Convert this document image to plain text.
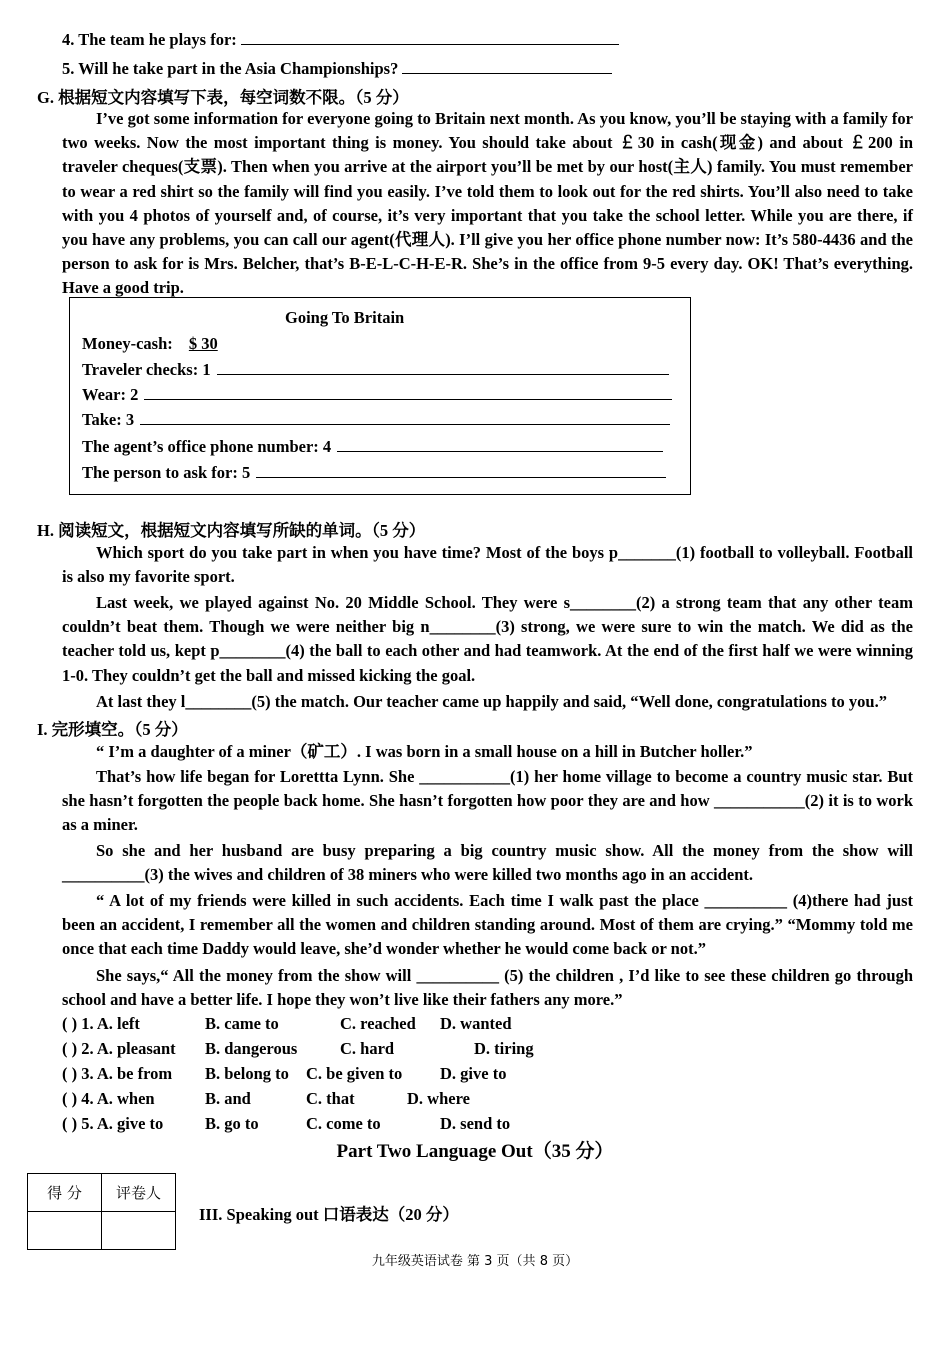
4. The team he plays for:
5. Will he take part in the Asia Championships?
G. 根据短文内容填写下表，每空词数不限。（5 分）
I’ve got some information for everyone going to Britain next month. As you know, you’ll be staying with a family for two weeks. Now the most important thing is money. You should take about ￡30 in cash(现金) and about ￡200 in traveler cheques(支票). Then when you arrive at the airport you’ll be met by our host(主人) family. You must remember to wear a red shirt so the family will find you easily. I’ve told them to look out for the red shirts. You’ll also need to take with you 4 photos of yourself and, of course, it’s very important that you take the school letter. While you are there, if you have any problems, you can call our agent(代理人). I’ll give you her office phone number now: It’s 580-4436 and the person to ask for is Mrs. Belcher, that’s B-E-L-C-H-E-R. She’s in the office from 9-5 every day. OK! That’s everything. Have a good trip.
Going To Britain
Money-cash: $ 30
Traveler checks: 1
Wear: 2
Take: 3
The agent’s office phone number: 4
The person to ask for: 5
H. 阅读短文，根据短文内容填写所缺的单词。（5 分）
Which sport do you take part in when you have time? Most of the boys p_______(1) football to volleyball. Football is also my favorite sport.
Last week, we played against No. 20 Middle School. They were s________(2) a strong team that any other team couldn’t beat them. Though we were neither big n________(3) strong, we were sure to win the match. We did as the teacher told us, kept p________(4) the ball to each other and had teamwork. At the end of the first half we were winning 1-0. They couldn’t get the ball and missed kicking the goal.
At last they l________(5) the match. Our teacher came up happily and said, “Well done, congratulations to you.”
I. 完形填空。（5 分）
“ I’m a daughter of a miner（矿工）. I was born in a small house on a hill in Butcher holler.”
That’s how life began for Lorettta Lynn. She ___________(1) her home village to become a country music star. But she hasn’t forgotten the people back home. She hasn’t forgotten how poor they are and how ___________(2) it is to work as a miner.
So she and her husband are busy preparing a big country music show. All the money from the show will __________(3) the wives and children of 38 miners who were killed two months ago in an accident.
“ A lot of my friends were killed in such accidents. Each time I walk past the place __________ (4)there had just been an accident, I remember all the women and children standing around. Most of them are crying.” “Mommy told me once that each time Daddy would leave, she’d wonder whether he would come back or not.”
She says,“ All the money from the show will __________ (5) the children , I’d like to see these children go through school and have a better life. I hope they won’t live like their fathers any more.”
( ) 1. A. left	B. came to	C. reached D. wanted
( ) 2. A. pleasant B. dangerous	C. hard	D. tiring
( ) 3. A. be from B. belong to C. be given to D. give to
( ) 4. A. when	B. and	C. that	D. where
( ) 5. A. give to	B. go to	C. come to	D. send to
Part Two Language Out（35 分）
得 分	评卷人

III. Speaking out 口语表达（20 分）
九年级英语试卷 第 3 页（共 8 页）
